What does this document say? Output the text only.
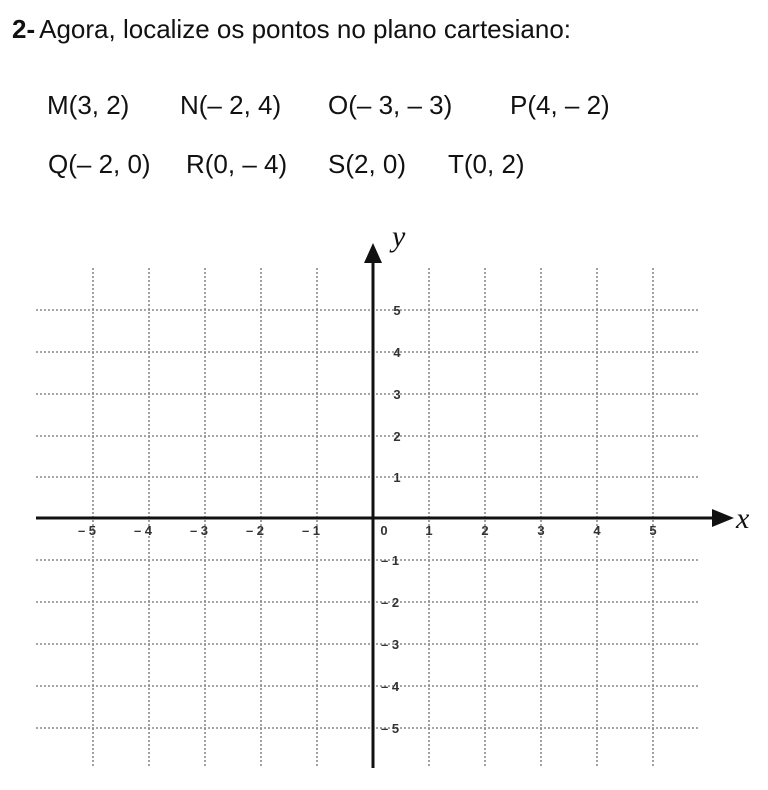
2- Agora, localize os pontos no plano cartesiano:
M(3, 2) N(– 2, 4) O(– 3, – 3) P(4, – 2)
Q(– 2, 0) R(0, – 4) S(2, 0) T(0, 2)
x
y
– 5	– 4	– 3	– 2	– 1	0	1	2	3	4	5
5
4
3
2
1
– 1
– 2
– 3
– 4
– 5
